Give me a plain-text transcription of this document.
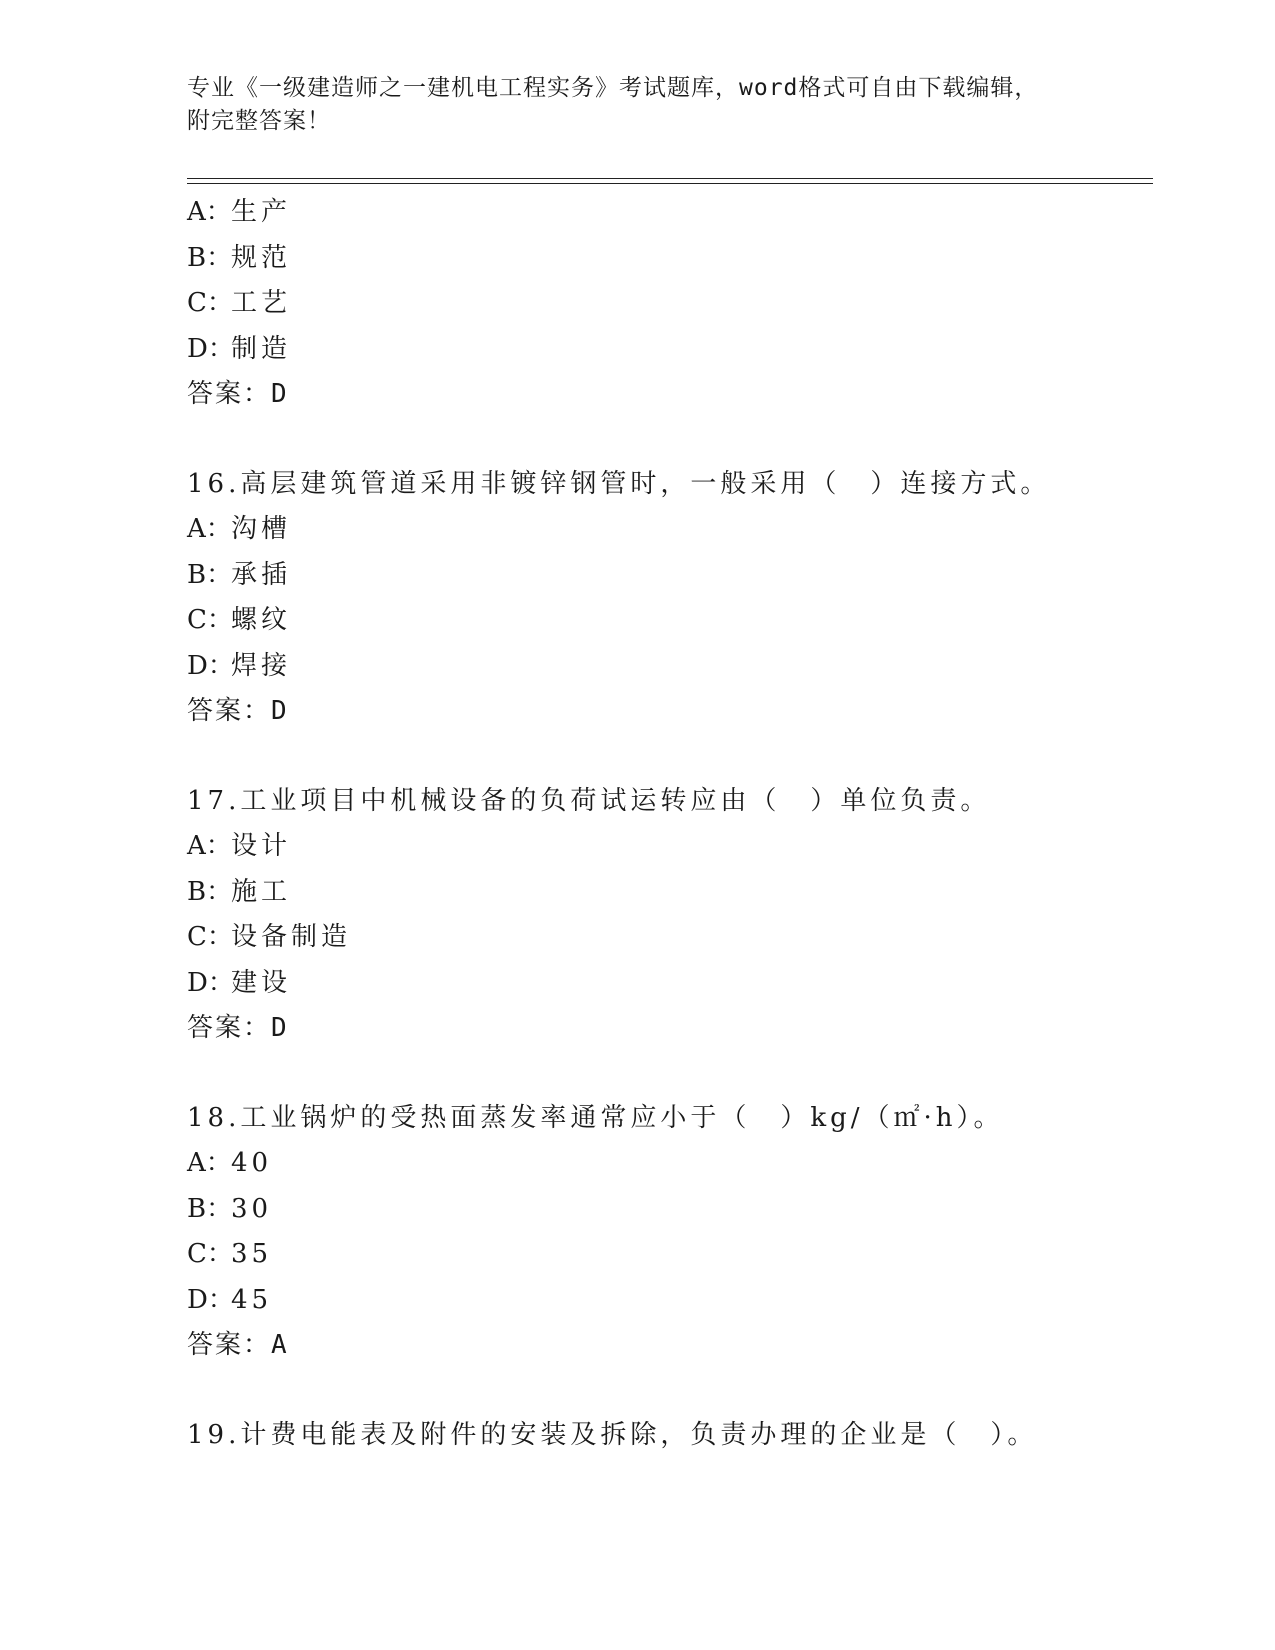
专业《一级建造师之一建机电工程实务》考试题库，word格式可自由下载编辑，
附完整答案！
A：生产
B：规范
C：工艺
D：制造
答案：D
16.高层建筑管道采用非镀锌钢管时，一般采用（　）连接方式。
A：沟槽
B：承插
C：螺纹
D：焊接
答案：D
17.工业项目中机械设备的负荷试运转应由（　）单位负责。
A：设计
B：施工
C：设备制造
D：建设
答案：D
18.工业锅炉的受热面蒸发率通常应小于（　）kg/（㎡·h）。
A：40
B：30
C：35
D：45
答案：A
19.计费电能表及附件的安装及拆除，负责办理的企业是（　）。
